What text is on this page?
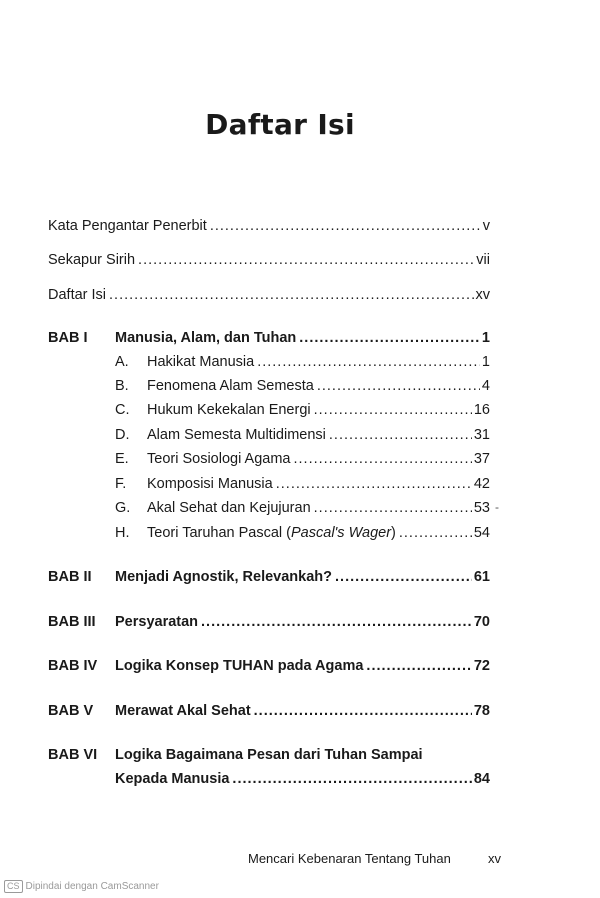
Daftar Isi
Kata Pengantar Penerbit .....	v
Sekapur Sirih .....	vii
Daftar Isi .....	xv
BAB I Manusia, Alam, dan Tuhan .....	1
A. Hakikat Manusia .....	1
B. Fenomena Alam Semesta .....	4
C. Hukum Kekekalan Energi .....	16
D. Alam Semesta Multidimensi .....	31
E. Teori Sosiologi Agama .....	37
F. Komposisi Manusia .....	42
G. Akal Sehat dan Kejujuran .....	53 -
H. Teori Taruhan Pascal (Pascal's Wager) .....	54
BAB II Menjadi Agnostik, Relevankah? .....	61
BAB III Persyaratan .....	70
BAB IV Logika Konsep TUHAN pada Agama .....	72
BAB V Merawat Akal Sehat .....	78
BAB VI Logika Bagaimana Pesan dari Tuhan Sampai
Kepada Manusia .....	84
Mencari Kebenaran Tentang Tuhan	xv
CS Dipindai dengan CamScanner
